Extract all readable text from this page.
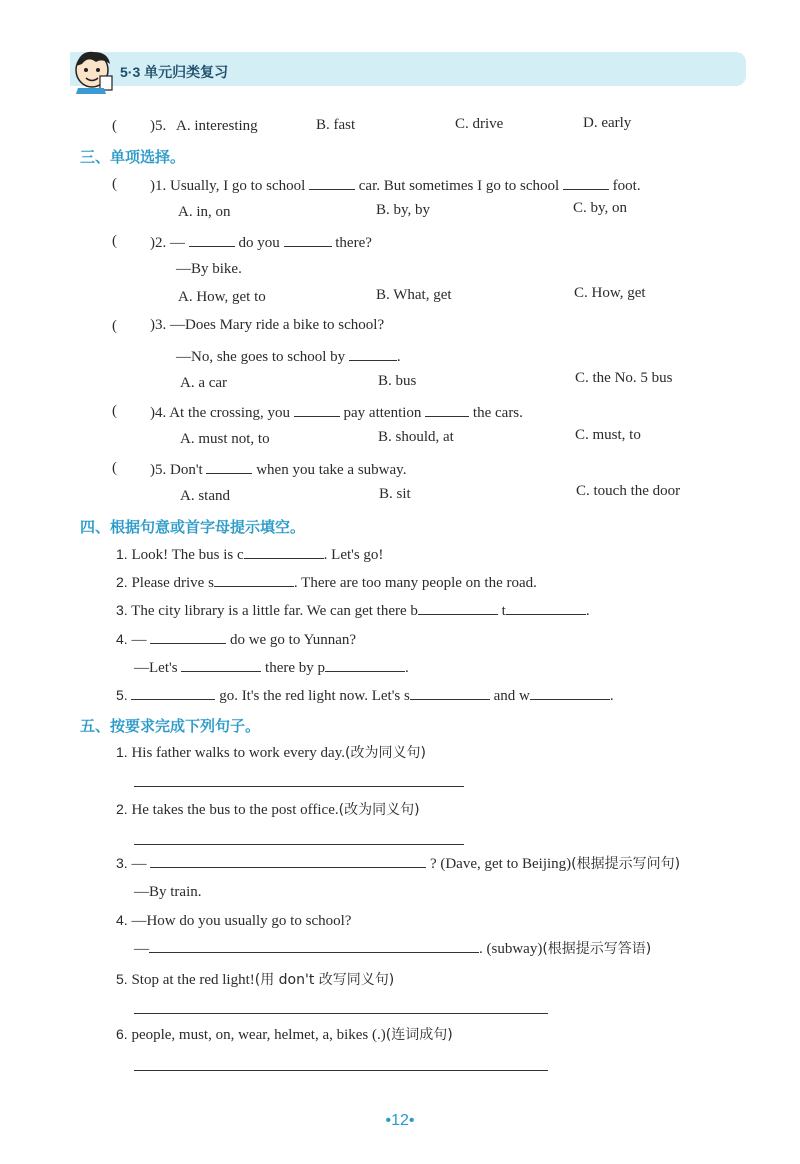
5·3 单元归类复习
( )5. A. interesting	B. fast	C. drive	D. early
三、单项选择。
( )1. Usually, I go to school	car. But sometimes I go to school	foot.
A. in, on	B. by, by	C. by, on
( )2. —	do you	there?
—By bike.
A. How, get to	B. What, get	C. How, get
( )3. —Does Mary ride a bike to school?
—No, she goes to school by	.
A. a car	B. bus	C. the No. 5 bus
( )4. At the crossing, you	pay attention	the cars.
A. must not, to	B. should, at	C. must, to
( )5. Don't	when you take a subway.
A. stand	B. sit	C. touch the door
四、根据句意或首字母提示填空。
1. Look! The bus is c	. Let's go!
2. Please drive s	. There are too many people on the road.
3. The city library is a little far. We can get there b	t	.
4. —	do we go to Yunnan?
—Let's	there by p	.
5.	go. It's the red light now. Let's s	and w	.
五、按要求完成下列句子。
1. His father walks to work every day.(改为同义句)
2. He takes the bus to the post office.(改为同义句)
3. —	? (Dave, get to Beijing)(根据提示写问句)
—By train.
4. —How do you usually go to school?
—	. (subway)(根据提示写答语)
5. Stop at the red light!(用 don't 改写同义句)
6. people, must, on, wear, helmet, a, bikes (.)(连词成句)
•12•
